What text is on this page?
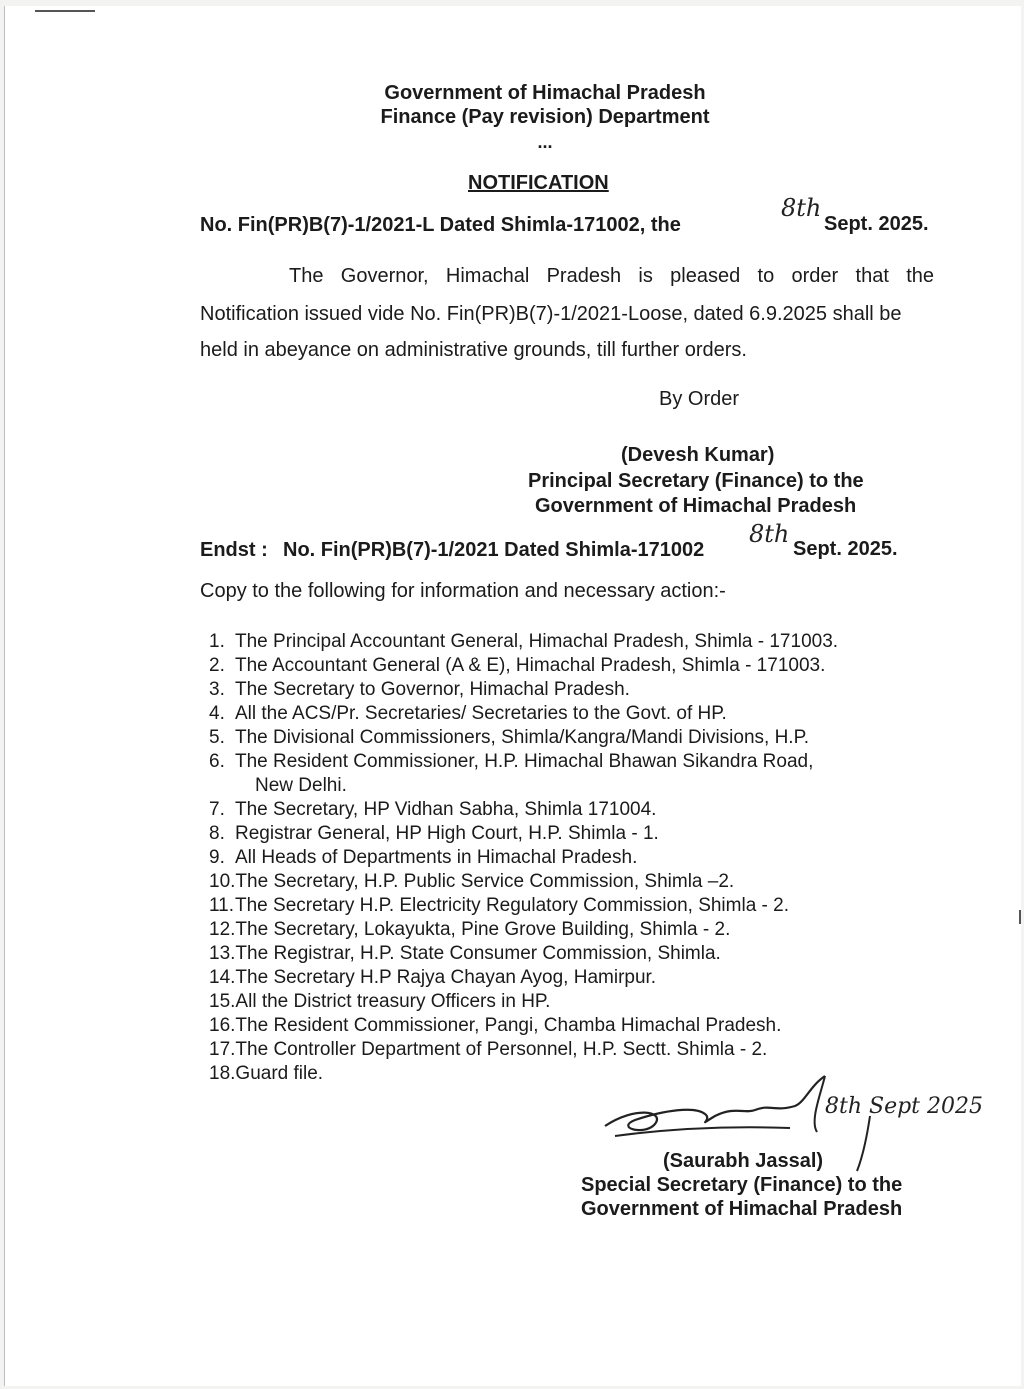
Government of Himachal Pradesh
Finance (Pay revision) Department
...
NOTIFICATION
No. Fin(PR)B(7)-1/2021-L Dated Shimla-171002, the
8th
Sept. 2025.
The Governor, Himachal Pradesh is pleased to order that the
Notification issued vide No. Fin(PR)B(7)-1/2021-Loose, dated 6.9.2025 shall be
held in abeyance on administrative grounds, till further orders.
By Order
(Devesh Kumar)
Principal Secretary (Finance) to the
Government of Himachal Pradesh
Endst : No. Fin(PR)B(7)-1/2021 Dated Shimla-171002
8th
Sept. 2025.
Copy to the following for information and necessary action:-
1. The Principal Accountant General, Himachal Pradesh, Shimla - 171003.
2. The Accountant General (A & E), Himachal Pradesh, Shimla - 171003.
3. The Secretary to Governor, Himachal Pradesh.
4. All the ACS/Pr. Secretaries/ Secretaries to the Govt. of HP.
5. The Divisional Commissioners, Shimla/Kangra/Mandi Divisions, H.P.
6. The Resident Commissioner, H.P. Himachal Bhawan Sikandra Road,
New Delhi.
7. The Secretary, HP Vidhan Sabha, Shimla 171004.
8. Registrar General, HP High Court, H.P. Shimla - 1.
9. All Heads of Departments in Himachal Pradesh.
10.The Secretary, H.P. Public Service Commission, Shimla –2.
11.The Secretary H.P. Electricity Regulatory Commission, Shimla - 2.
12.The Secretary, Lokayukta, Pine Grove Building, Shimla - 2.
13.The Registrar, H.P. State Consumer Commission, Shimla.
14.The Secretary H.P Rajya Chayan Ayog, Hamirpur.
15.All the District treasury Officers in HP.
16.The Resident Commissioner, Pangi, Chamba Himachal Pradesh.
17.The Controller Department of Personnel, H.P. Sectt. Shimla - 2.
18.Guard file.
8th Sept 2025
(Saurabh Jassal)
Special Secretary (Finance) to the
Government of Himachal Pradesh
